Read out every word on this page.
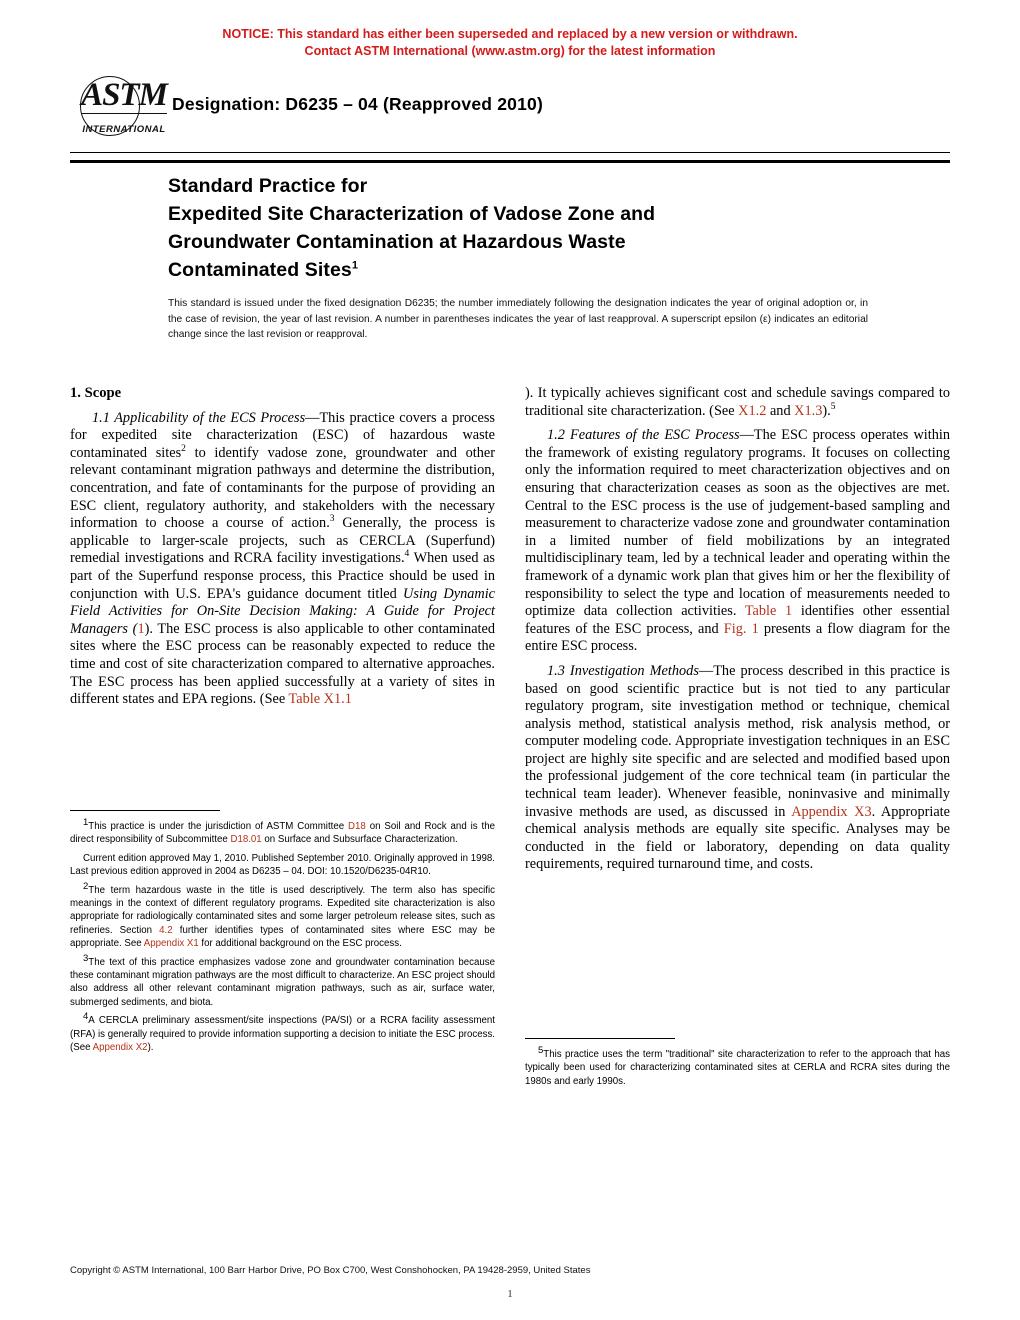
NOTICE: This standard has either been superseded and replaced by a new version or withdrawn.
Contact ASTM International (www.astm.org) for the latest information
ASTM
INTERNATIONAL
Designation: D6235 – 04 (Reapproved 2010)
Standard Practice for
Expedited Site Characterization of Vadose Zone and
Groundwater Contamination at Hazardous Waste
Contaminated Sites$^1$
This standard is issued under the fixed designation D6235; the number immediately following the designation indicates the year of original adoption or, in the case of revision, the year of last revision. A number in parentheses indicates the year of last reapproval. A superscript epsilon (ε) indicates an editorial change since the last revision or reapproval.
1. Scope

1.1 Applicability of the ECS Process—This practice covers a process for expedited site characterization (ESC) of hazardous waste contaminated sites$^2$ to identify vadose zone, groundwater and other relevant contaminant migration pathways and determine the distribution, concentration, and fate of contaminants for the purpose of providing an ESC client, regulatory authority, and stakeholders with the necessary information to choose a course of action.$^3$ Generally, the process is applicable to larger-scale projects, such as CERCLA (Superfund) remedial investigations and RCRA facility investigations.$^4$ When used as part of the Superfund response process, this Practice should be used in conjunction with U.S. EPA's guidance document titled Using Dynamic Field Activities for On-Site Decision Making: A Guide for Project Managers (1). The ESC process is also applicable to other contaminated sites where the ESC process can be reasonably expected to reduce the time and cost of site characterization compared to alternative approaches. The ESC process has been applied successfully at a variety of sites in different states and EPA regions. (See Table X1.1

). It typically achieves significant cost and schedule savings compared to traditional site characterization. (See X1.2 and X1.3).$^5$

1.2 Features of the ESC Process—The ESC process operates within the framework of existing regulatory programs. It focuses on collecting only the information required to meet characterization objectives and on ensuring that characterization ceases as soon as the objectives are met. Central to the ESC process is the use of judgement-based sampling and measurement to characterize vadose zone and groundwater contamination in a limited number of field mobilizations by an integrated multidisciplinary team, led by a technical leader and operating within the framework of a dynamic work plan that gives him or her the flexibility of responsibility to select the type and location of measurements needed to optimize data collection activities. Table 1 identifies other essential features of the ESC process, and Fig. 1 presents a flow diagram for the entire ESC process.

1.3 Investigation Methods—The process described in this practice is based on good scientific practice but is not tied to any particular regulatory program, site investigation method or technique, chemical analysis method, statistical analysis method, risk analysis method, or computer modeling code. Appropriate investigation techniques in an ESC project are highly site specific and are selected and modified based upon the professional judgement of the core technical team (in particular the technical team leader). Whenever feasible, noninvasive and minimally invasive methods are used, as discussed in Appendix X3. Appropriate chemical analysis methods are equally site specific. Analyses may be conducted in the field or laboratory, depending on data quality requirements, required turnaround time, and costs.

$^1$This practice is under the jurisdiction of ASTM Committee D18 on Soil and Rock and is the direct responsibility of Subcommittee D18.01 on Surface and Subsurface Characterization.

Current edition approved May 1, 2010. Published September 2010. Originally approved in 1998. Last previous edition approved in 2004 as D6235 – 04. DOI: 10.1520/D6235-04R10.

$^2$The term hazardous waste in the title is used descriptively. The term also has specific meanings in the context of different regulatory programs. Expedited site characterization is also appropriate for radiologically contaminated sites and some larger petroleum release sites, such as refineries. Section 4.2 further identifies types of contaminated sites where ESC may be appropriate. See Appendix X1 for additional background on the ESC process.

$^3$The text of this practice emphasizes vadose zone and groundwater contamination because these contaminant migration pathways are the most difficult to characterize. An ESC project should also address all other relevant contaminant migration pathways, such as air, surface water, submerged sediments, and biota.

$^4$A CERCLA preliminary assessment/site inspections (PA/SI) or a RCRA facility assessment (RFA) is generally required to provide information supporting a decision to initiate the ESC process. (See Appendix X2).	$^5$This practice uses the term "traditional" site characterization to refer to the approach that has typically been used for characterizing contaminated sites at CERLA and RCRA sites during the 1980s and early 1990s.

Copyright © ASTM International, 100 Barr Harbor Drive, PO Box C700, West Conshohocken, PA 19428-2959, United States
1
